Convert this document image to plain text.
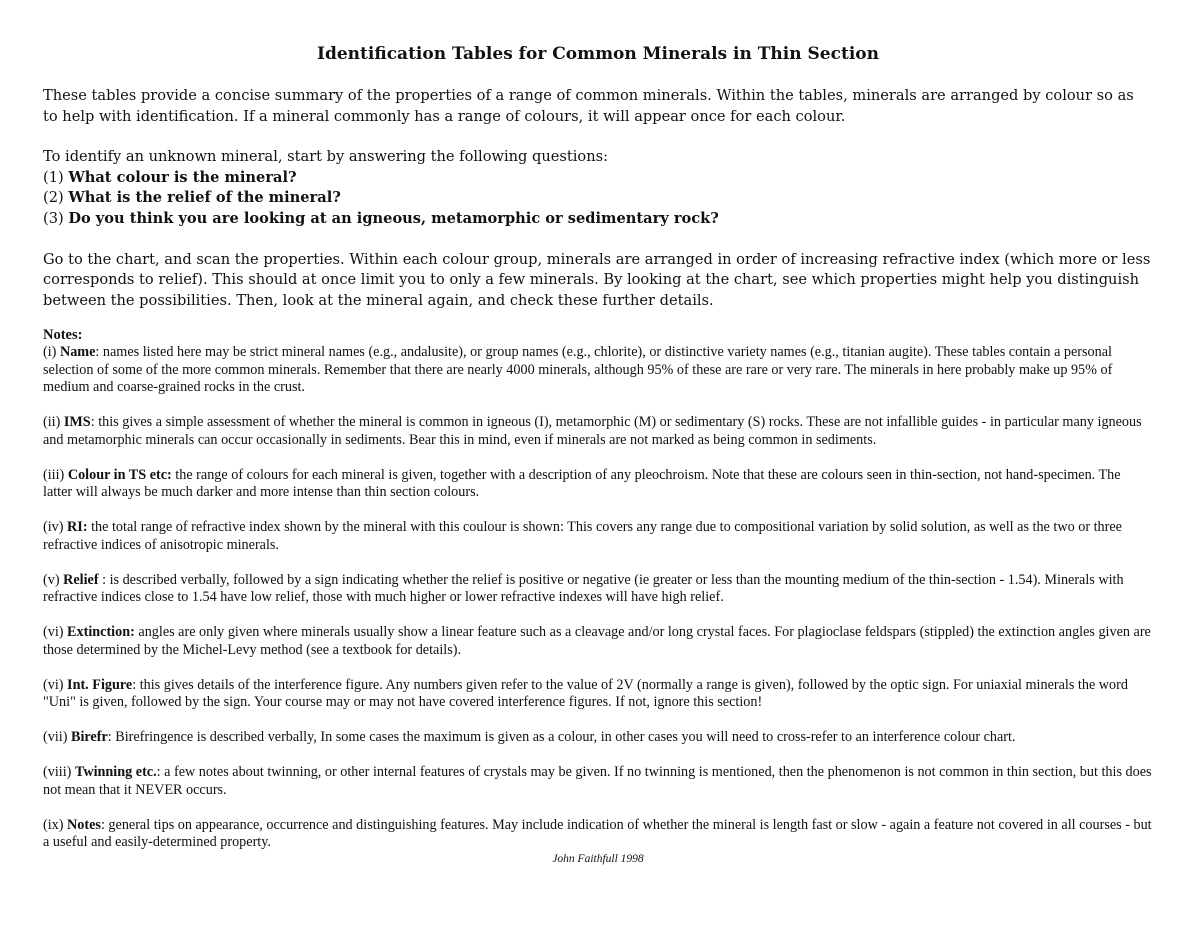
Identification Tables for Common Minerals in Thin Section

These tables provide a concise summary of the properties of a range of common minerals. Within the tables, minerals are arranged by colour so as to help with identification. If a mineral commonly has a range of colours, it will appear once for each colour.

To identify an unknown mineral, start by answering the following questions:
(1) What colour is the mineral?
(2) What is the relief of the mineral?
(3) Do you think you are looking at an igneous, metamorphic or sedimentary rock?

Go to the chart, and scan the properties. Within each colour group, minerals are arranged in order of increasing refractive index (which more or less corresponds to relief). This should at once limit you to only a few minerals. By looking at the chart, see which properties might help you distinguish between the possibilities. Then, look at the mineral again, and check these further details.

Notes:

(i) Name: names listed here may be strict mineral names (e.g., andalusite), or group names (e.g., chlorite), or distinctive variety names (e.g., titanian augite). These tables contain a personal selection of some of the more common minerals. Remember that there are nearly 4000 minerals, although 95% of these are rare or very rare. The minerals in here probably make up 95% of medium and coarse-grained rocks in the crust.

(ii) IMS: this gives a simple assessment of whether the mineral is common in igneous (I), metamorphic (M) or sedimentary (S) rocks. These are not infallible guides - in particular many igneous and metamorphic minerals can occur occasionally in sediments. Bear this in mind, even if minerals are not marked as being common in sediments.

(iii) Colour in TS etc: the range of colours for each mineral is given, together with a description of any pleochroism. Note that these are colours seen in thin-section, not hand-specimen. The latter will always be much darker and more intense than thin section colours.

(iv) RI: the total range of refractive index shown by the mineral with this coulour is shown: This covers any range due to compositional variation by solid solution, as well as the two or three refractive indices of anisotropic minerals.

(v) Relief : is described verbally, followed by a sign indicating whether the relief is positive or negative (ie greater or less than the mounting medium of the thin-section - 1.54). Minerals with refractive indices close to 1.54 have low relief, those with much higher or lower refractive indexes will have high relief.

(vi) Extinction: angles are only given where minerals usually show a linear feature such as a cleavage and/or long crystal faces. For plagioclase feldspars (stippled) the extinction angles given are those determined by the Michel-Levy method (see a textbook for details).

(vi) Int. Figure: this gives details of the interference figure. Any numbers given refer to the value of 2V (normally a range is given), followed by the optic sign. For uniaxial minerals the word "Uni" is given, followed by the sign. Your course may or may not have covered interference figures. If not, ignore this section!

(vii) Birefr: Birefringence is described verbally, In some cases the maximum is given as a colour, in other cases you will need to cross-refer to an interference colour chart.

(viii) Twinning etc.: a few notes about twinning, or other internal features of crystals may be given. If no twinning is mentioned, then the phenomenon is not common in thin section, but this does not mean that it NEVER occurs.

(ix) Notes: general tips on appearance, occurrence and distinguishing features. May include indication of whether the mineral is length fast or slow - again a feature not covered in all courses - but a useful and easily-determined property.

John Faithfull 1998
